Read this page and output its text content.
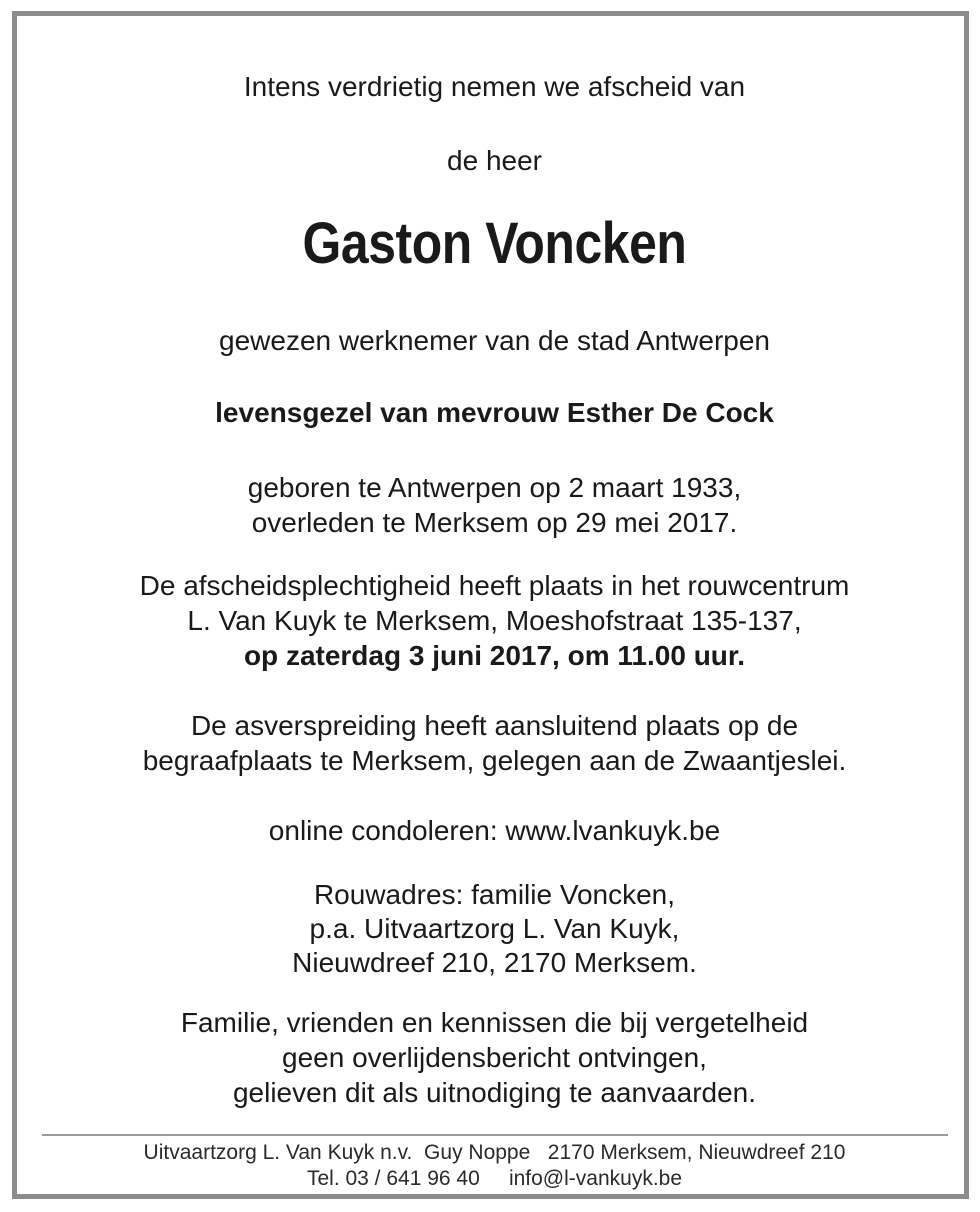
Intens verdrietig nemen we afscheid van
de heer
Gaston Voncken
gewezen werknemer van de stad Antwerpen
levensgezel van mevrouw Esther De Cock
geboren te Antwerpen op 2 maart 1933,
overleden te Merksem op 29 mei 2017.
De afscheidsplechtigheid heeft plaats in het rouwcentrum
L. Van Kuyk te Merksem, Moeshofstraat 135-137,
op zaterdag 3 juni 2017, om 11.00 uur.
De asverspreiding heeft aansluitend plaats op de
begraafplaats te Merksem, gelegen aan de Zwaantjeslei.
online condoleren: www.lvankuyk.be
Rouwadres: familie Voncken,
p.a. Uitvaartzorg L. Van Kuyk,
Nieuwdreef 210, 2170 Merksem.
Familie, vrienden en kennissen die bij vergetelheid
geen overlijdensbericht ontvingen,
gelieven dit als uitnodiging te aanvaarden.
Uitvaartzorg L. Van Kuyk n.v.  Guy Noppe   2170 Merksem, Nieuwdreef 210
Tel. 03 / 641 96 40     info@l-vankuyk.be
